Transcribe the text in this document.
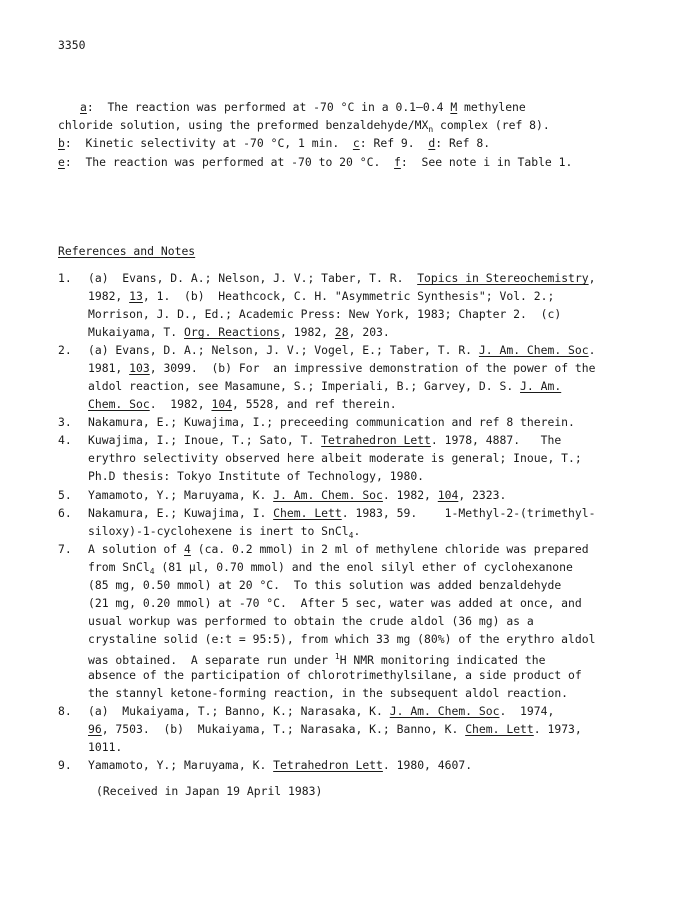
3350
a:  The reaction was performed at -70 °C in a 0.1—0.4 M methylene
chloride solution, using the preformed benzaldehyde/$MX_n$ complex (ref 8).
b:  Kinetic selectivity at -70 °C, 1 min. c: Ref 9. d: Ref 8.
e:  The reaction was performed at -70 to 20 °C. f:  See note i in Table 1.
References and Notes
1. (a)  Evans, D. A.; Nelson, J. V.; Taber, T. R. Topics in Stereochemistry,
1982, 13, 1.  (b)  Heathcock, C. H. "Asymmetric Synthesis"; Vol. 2.;
Morrison, J. D., Ed.; Academic Press: New York, 1983; Chapter 2.  (c)
Mukaiyama, T. Org. Reactions, 1982, 28, 203.
2. (a) Evans, D. A.; Nelson, J. V.; Vogel, E.; Taber, T. R. J. Am. Chem. Soc.
1981, 103, 3099.  (b) For  an impressive demonstration of the power of the
aldol reaction, see Masamune, S.; Imperiali, B.; Garvey, D. S. J. Am.
Chem. Soc.  1982, 104, 5528, and ref therein.
3. Nakamura, E.; Kuwajima, I.; preceeding communication and ref 8 therein.
4. Kuwajima, I.; Inoue, T.; Sato, T. Tetrahedron Lett. 1978, 4887.   The
erythro selectivity observed here albeit moderate is general; Inoue, T.;
Ph.D thesis: Tokyo Institute of Technology, 1980.
5. Yamamoto, Y.; Maruyama, K. J. Am. Chem. Soc. 1982, 104, 2323.
6. Nakamura, E.; Kuwajima, I. Chem. Lett. 1983, 59.    1-Methyl-2-(trimethyl-
siloxy)-1-cyclohexene is inert to SnCl$_4$.
7. A solution of 4 (ca. 0.2 mmol) in 2 ml of methylene chloride was prepared
from SnCl$_4$ (81 μl, 0.70 mmol) and the enol silyl ether of cyclohexanone
(85 mg, 0.50 mmol) at 20 °C.  To this solution was added benzaldehyde
(21 mg, 0.20 mmol) at -70 °C.  After 5 sec, water was added at once, and
usual workup was performed to obtain the crude aldol (36 mg) as a
crystaline solid (e:t = 95:5), from which 33 mg (80%) of the erythro aldol
was obtained.  A separate run under $^1$H NMR monitoring indicated the
absence of the participation of chlorotrimethylsilane, a side product of
the stannyl ketone-forming reaction, in the subsequent aldol reaction.
8. (a)  Mukaiyama, T.; Banno, K.; Narasaka, K. J. Am. Chem. Soc.  1974,
96, 7503.  (b)  Mukaiyama, T.; Narasaka, K.; Banno, K. Chem. Lett. 1973,
1011.
9. Yamamoto, Y.; Maruyama, K. Tetrahedron Lett. 1980, 4607.
(Received in Japan 19 April 1983)
